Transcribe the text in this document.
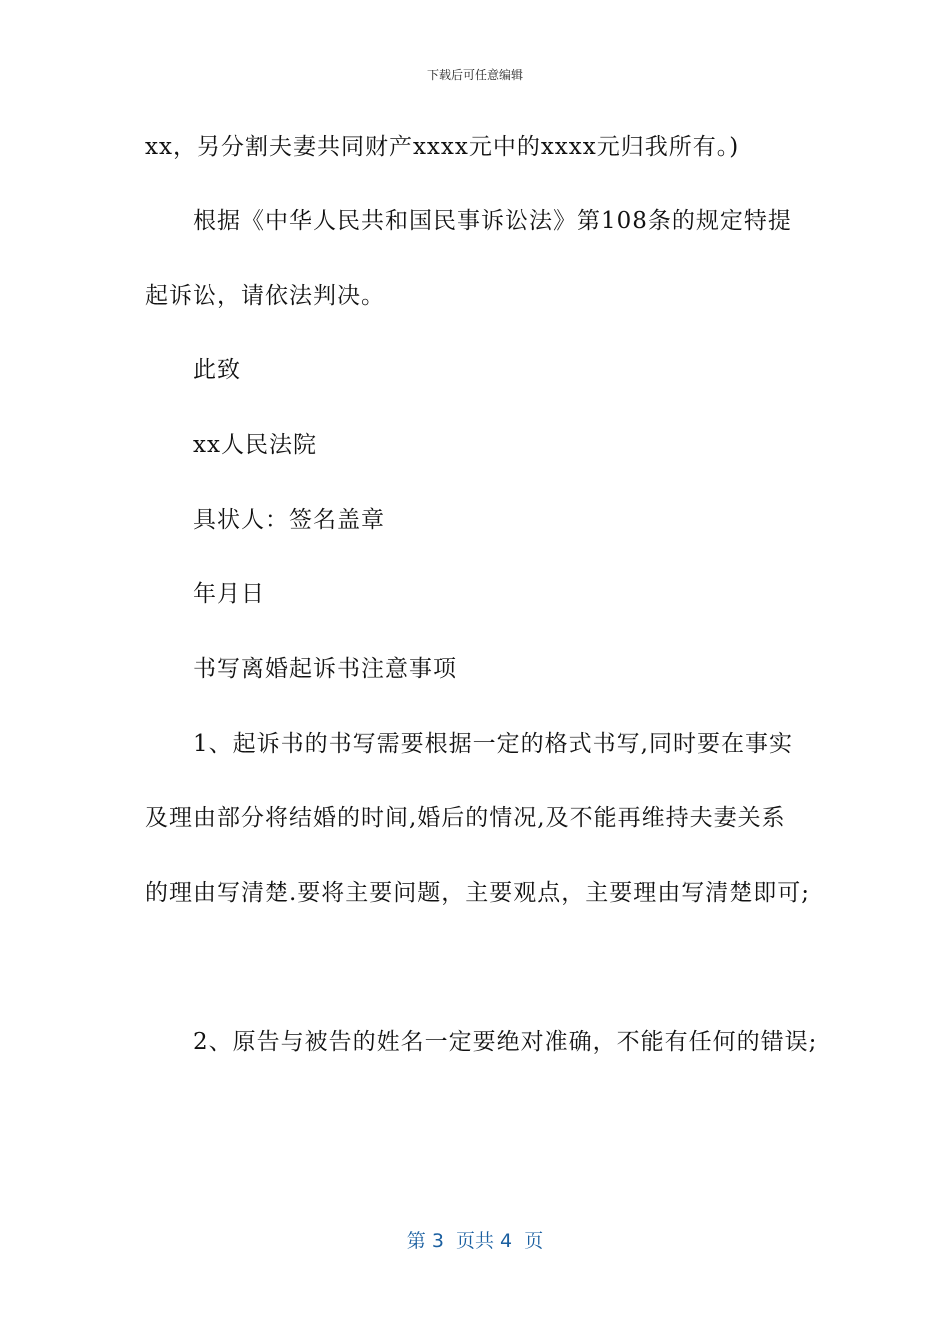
下载后可任意编辑
xx，另分割夫妻共同财产xxxx元中的xxxx元归我所有。)
根据《中华人民共和国民事诉讼法》第108条的规定特提
起诉讼，请依法判决。
此致
xx人民法院
具状人：签名盖章
年月日
书写离婚起诉书注意事项
1、起诉书的书写需要根据一定的格式书写,同时要在事实
及理由部分将结婚的时间,婚后的情况,及不能再维持夫妻关系
的理由写清楚.要将主要问题，主要观点，主要理由写清楚即可;
2、原告与被告的姓名一定要绝对准确，不能有任何的错误;
第 3  页共 4  页
